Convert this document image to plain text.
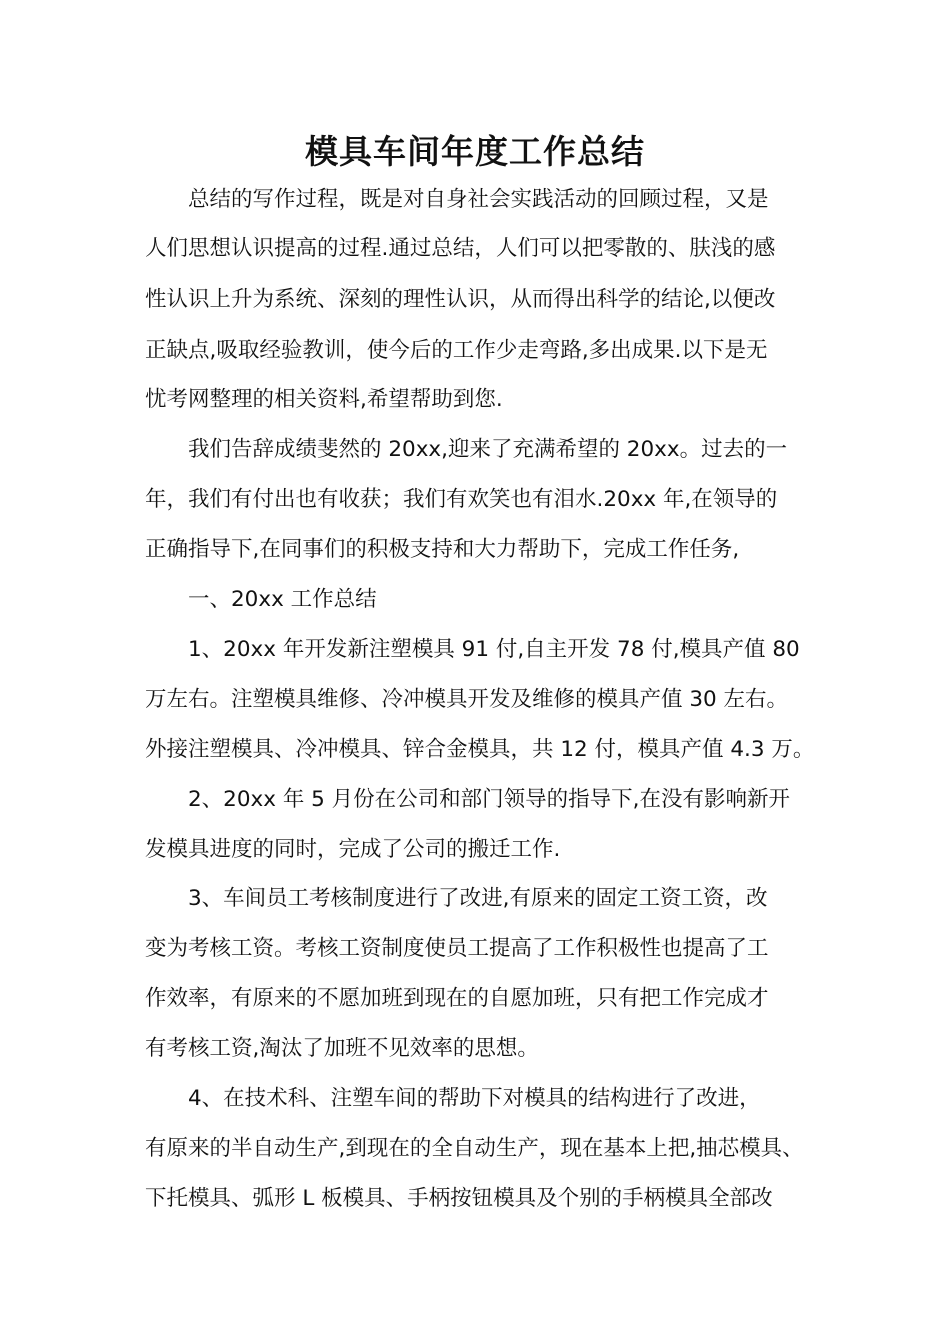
模具车间年度工作总结

　　总结的写作过程，既是对自身社会实践活动的回顾过程，又是

人们思想认识提高的过程.通过总结，人们可以把零散的、肤浅的感

性认识上升为系统、深刻的理性认识，从而得出科学的结论,以便改

正缺点,吸取经验教训，使今后的工作少走弯路,多出成果.以下是无

忧考网整理的相关资料,希望帮助到您.

　　我们告辞成绩斐然的 20xx,迎来了充满希望的 20xx。过去的一

年，我们有付出也有收获；我们有欢笑也有泪水.20xx 年,在领导的

正确指导下,在同事们的积极支持和大力帮助下，完成工作任务,

　　一、20xx 工作总结

　　1、20xx 年开发新注塑模具 91 付,自主开发 78 付,模具产值 80

万左右。注塑模具维修、冷冲模具开发及维修的模具产值 30 左右。

外接注塑模具、冷冲模具、锌合金模具，共 12 付，模具产值 4.3 万。

　　2、20xx 年 5 月份在公司和部门领导的指导下,在没有影响新开

发模具进度的同时，完成了公司的搬迁工作.

　　3、车间员工考核制度进行了改进,有原来的固定工资工资，改

变为考核工资。考核工资制度使员工提高了工作积极性也提高了工

作效率，有原来的不愿加班到现在的自愿加班，只有把工作完成才

有考核工资,淘汰了加班不见效率的思想。

　　4、在技术科、注塑车间的帮助下对模具的结构进行了改进，

有原来的半自动生产,到现在的全自动生产，现在基本上把,抽芯模具、

下托模具、弧形 L 板模具、手柄按钮模具及个别的手柄模具全部改
